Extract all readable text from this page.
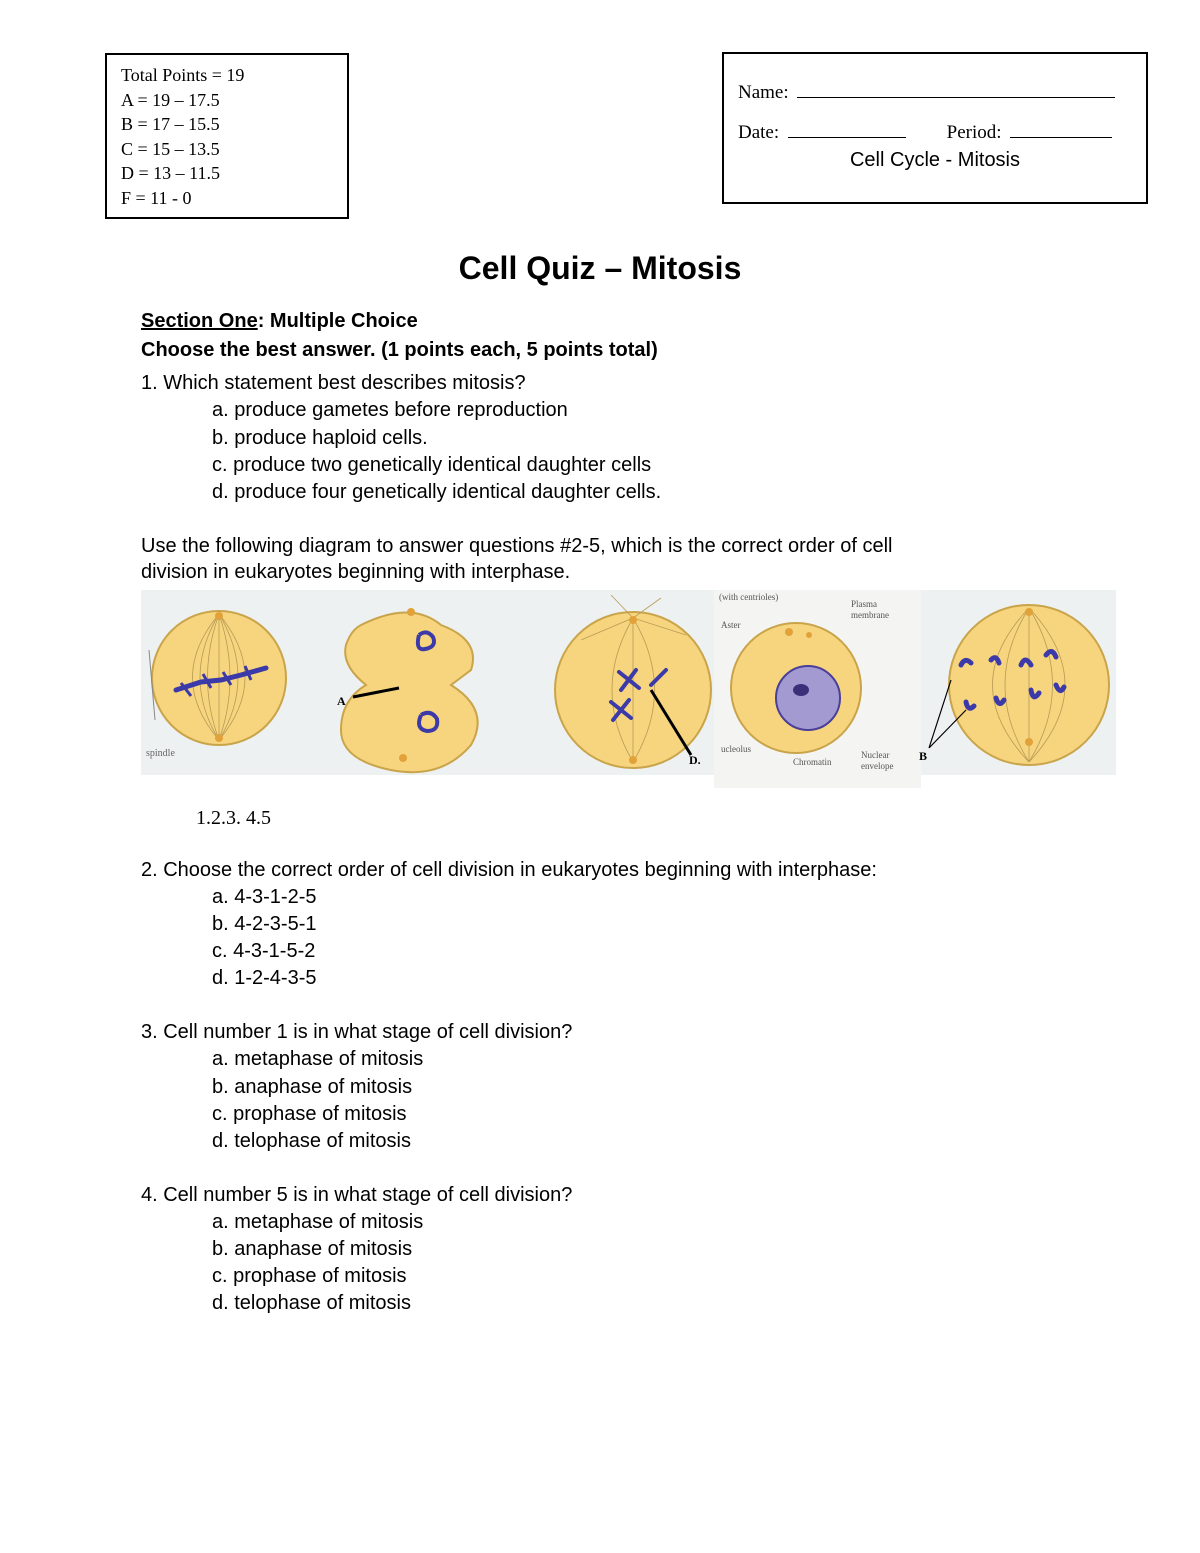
Total Points = 19
A = 19 – 17.5
B = 17 – 15.5
C = 15 – 13.5
D = 13 – 11.5
F = 11 - 0
Name:
Date:	Period:
Cell Cycle - Mitosis
Cell Quiz – Mitosis
Section One: Multiple Choice
Choose the best answer. (1 points each, 5 points total)
1. Which statement best describes mitosis?
a. produce gametes before reproduction
b. produce haploid cells.
c. produce two genetically identical daughter cells
d. produce four genetically identical daughter cells.
Use the following diagram to answer questions #2-5, which is the correct order of cell
division in eukaryotes beginning with interphase.
spindle
A
D.
(with centrioles)
Aster
Plasma
membrane
ucleolus
Chromatin
Nuclear
envelope
B
1.2.3. 4.5
2. Choose the correct order of cell division in eukaryotes beginning with interphase:
a. 4-3-1-2-5
b. 4-2-3-5-1
c. 4-3-1-5-2
d. 1-2-4-3-5
3. Cell number 1 is in what stage of cell division?
a. metaphase of mitosis
b. anaphase of mitosis
c. prophase of mitosis
d. telophase of mitosis
4. Cell number 5 is in what stage of cell division?
a. metaphase of mitosis
b. anaphase of mitosis
c. prophase of mitosis
d. telophase of mitosis
